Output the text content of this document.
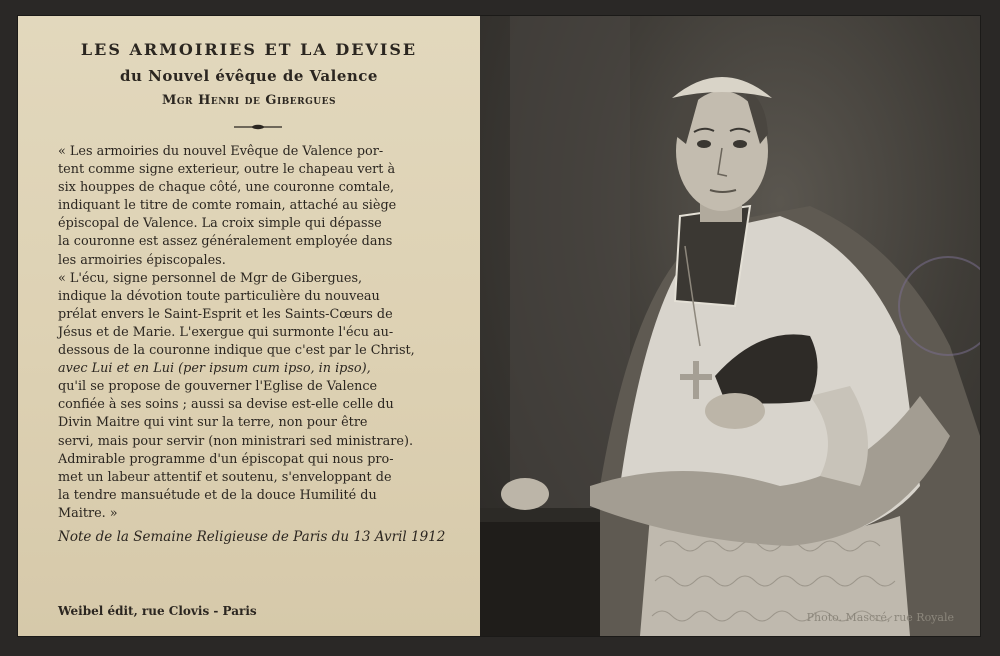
LES ARMOIRIES ET LA DEVISE
du Nouvel évêque de Valence
Mgr Henri de Gibergues
« Les armoiries du nouvel Evêque de Valence por-
tent comme signe exterieur, outre le chapeau vert à
six houppes de chaque côté, une couronne comtale,
indiquant le titre de comte romain, attaché au siège
épiscopal de Valence. La croix simple qui dépasse
la couronne est assez généralement employée dans
les armoiries épiscopales.
« L'écu, signe personnel de Mgr de Gibergues,
indique la dévotion toute particulière du nouveau
prélat envers le Saint-Esprit et les Saints-Cœurs de
Jésus et de Marie. L'exergue qui surmonte l'écu au-
dessous de la couronne indique que c'est par le Christ,
avec Lui et en Lui (per ipsum cum ipso, in ipso),
qu'il se propose de gouverner l'Eglise de Valence
confiée à ses soins ; aussi sa devise est-elle celle du
Divin Maitre qui vint sur la terre, non pour être
servi, mais pour servir (non ministrari sed ministrare).
Admirable programme d'un épiscopat qui nous pro-
met un labeur attentif et soutenu, s'enveloppant de
la tendre mansuétude et de la douce Humilité du
Maitre. »
Note de la Semaine Religieuse de Paris du 13 Avril 1912
Weibel édit, rue Clovis - Paris	Photo. Mascré, rue Royale
